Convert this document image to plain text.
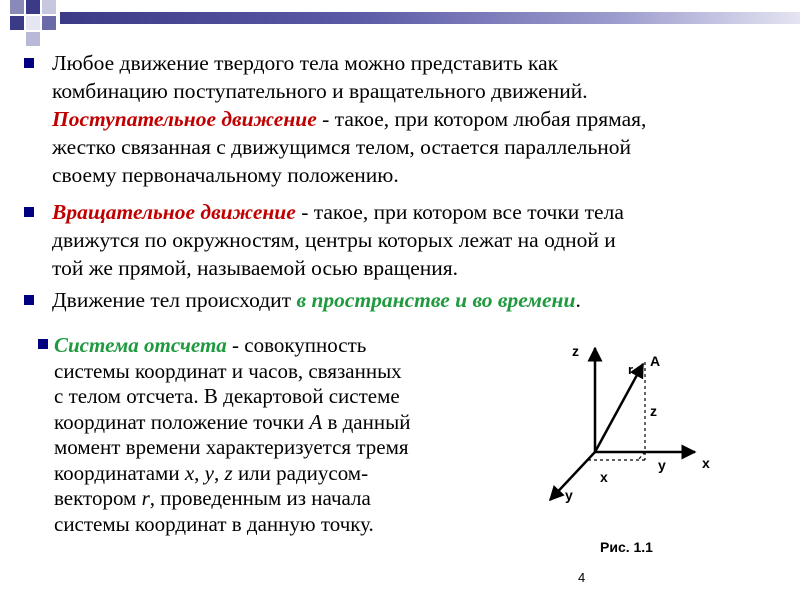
Любое движение твердого тела можно представить как
комбинацию поступательного и вращательного движений.
Поступательное движение - такое, при котором любая прямая,
жестко связанная с движущимся телом, остается параллельной
своему первоначальному положению.
Вращательное движение - такое, при котором все точки тела
движутся по окружностям, центры которых лежат на одной и
той же прямой, называемой осью вращения.
Движение тел происходит в пространстве и во времени.
Система отсчета - совокупность
системы координат и часов, связанных
с телом отсчета. В декартовой системе
координат положение точки А в данный
момент времени характеризуется тремя
координатами x, y, z или радиусом-
вектором r, проведенным из начала
системы координат в данную точку.
z
x
y
A
r
z
x
y
Рис. 1.1
4
